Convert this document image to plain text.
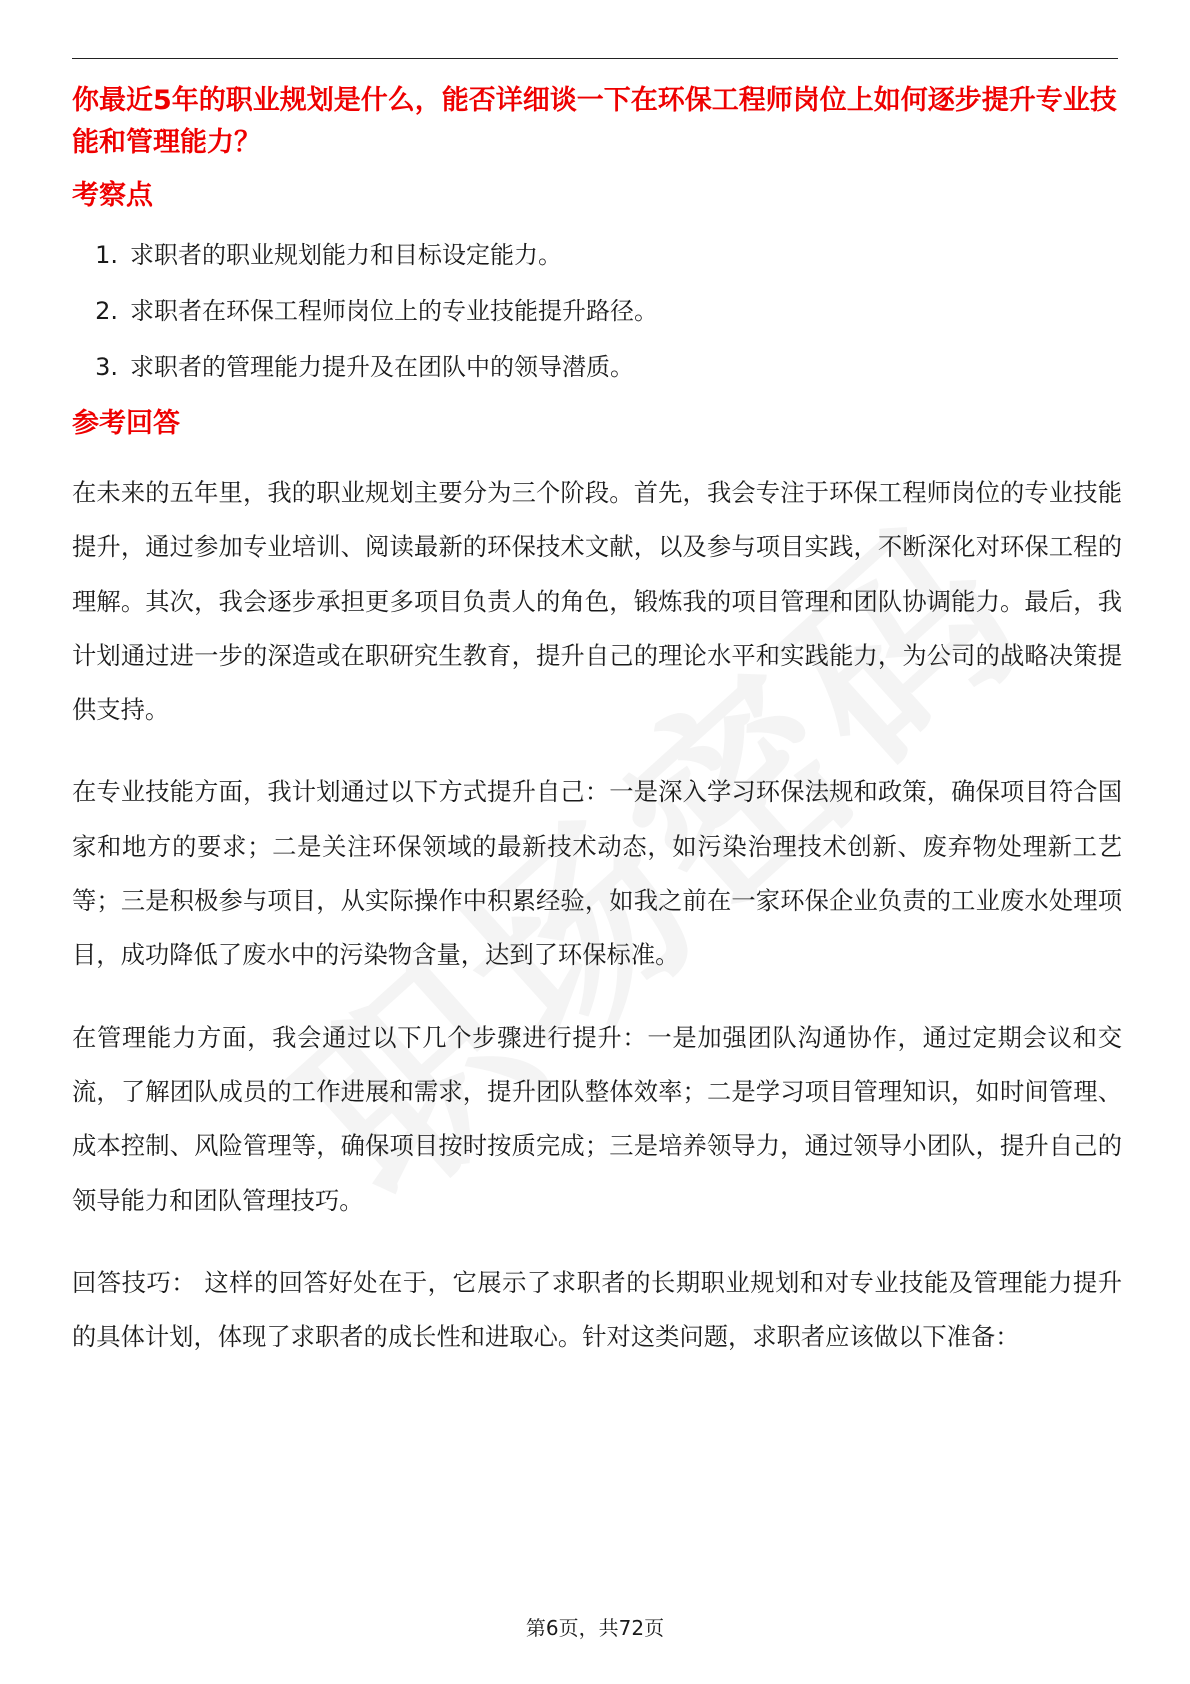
你最近5年的职业规划是什么，能否详细谈一下在环保工程师岗位上如何逐步提升专业技能和管理能力？
考察点
1. 求职者的职业规划能力和目标设定能力。
2. 求职者在环保工程师岗位上的专业技能提升路径。
3. 求职者的管理能力提升及在团队中的领导潜质。
参考回答

在未来的五年里，我的职业规划主要分为三个阶段。首先，我会专注于环保工程师岗位的专业技能提升，通过参加专业培训、阅读最新的环保技术文献，以及参与项目实践，不断深化对环保工程的理解。其次，我会逐步承担更多项目负责人的角色，锻炼我的项目管理和团队协调能力。最后，我计划通过进一步的深造或在职研究生教育，提升自己的理论水平和实践能力，为公司的战略决策提供支持。

在专业技能方面，我计划通过以下方式提升自己：一是深入学习环保法规和政策，确保项目符合国家和地方的要求；二是关注环保领域的最新技术动态，如污染治理技术创新、废弃物处理新工艺等；三是积极参与项目，从实际操作中积累经验，如我之前在一家环保企业负责的工业废水处理项目，成功降低了废水中的污染物含量，达到了环保标准。

在管理能力方面，我会通过以下几个步骤进行提升：一是加强团队沟通协作，通过定期会议和交流，了解团队成员的工作进展和需求，提升团队整体效率；二是学习项目管理知识，如时间管理、成本控制、风险管理等，确保项目按时按质完成；三是培养领导力，通过领导小团队，提升自己的领导能力和团队管理技巧。

回答技巧： 这样的回答好处在于，它展示了求职者的长期职业规划和对专业技能及管理能力提升的具体计划，体现了求职者的成长性和进取心。针对这类问题，求职者应该做以下准备：

第6页，共72页
